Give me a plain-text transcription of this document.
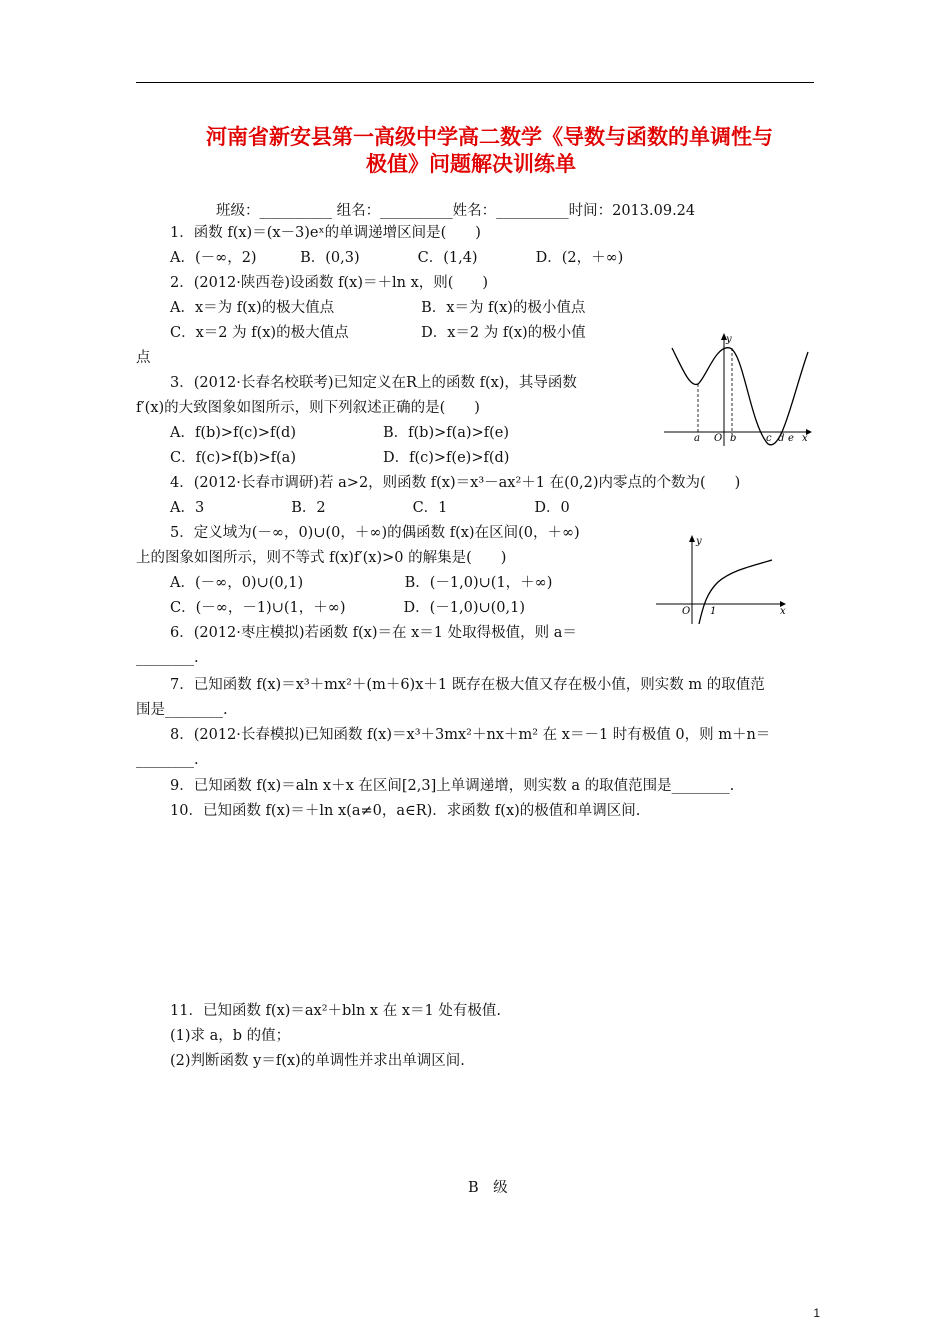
河南省新安县第一高级中学高二数学《导数与函数的单调性与
极值》问题解决训练单
班级：__________ 组名：__________姓名：__________时间：2013.09.24
1．函数 f(x)＝(x－3)eˣ的单调递增区间是(　　)
A．(－∞，2)　　　B．(0,3)　　　　C．(1,4)　　　　D．(2，＋∞)
2．(2012·陕西卷)设函数 f(x)＝＋ln x，则(　　)
A．x＝为 f(x)的极大值点　　　　　　B．x＝为 f(x)的极小值点
C．x＝2 为 f(x)的极大值点　　　　　D．x＝2 为 f(x)的极小值
点
3．(2012·长春名校联考)已知定义在R上的函数 f(x)，其导函数
f′(x)的大致图象如图所示，则下列叙述正确的是(　　)
A．f(b)>f(c)>f(d)　　　　　　B．f(b)>f(a)>f(e)
C．f(c)>f(b)>f(a)　　　　　　D．f(c)>f(e)>f(d)
4．(2012·长春市调研)若 a>2，则函数 f(x)＝x³－ax²＋1 在(0,2)内零点的个数为(　　)
A．3　　　　　　B．2　　　　　　C．1　　　　　　D．0
5．定义域为(－∞，0)∪(0，＋∞)的偶函数 f(x)在区间(0，＋∞)
上的图象如图所示，则不等式 f(x)f′(x)>0 的解集是(　　)
A．(－∞，0)∪(0,1)　　　　　　　B．(－1,0)∪(1，＋∞)
C．(－∞，－1)∪(1，＋∞)　　　　D．(－1,0)∪(0,1)
6．(2012·枣庄模拟)若函数 f(x)＝在 x＝1 处取得极值，则 a＝
________.
7．已知函数 f(x)＝x³＋mx²＋(m＋6)x＋1 既存在极大值又存在极小值，则实数 m 的取值范
围是________.
8．(2012·长春模拟)已知函数 f(x)＝x³＋3mx²＋nx＋m² 在 x＝－1 时有极值 0，则 m＋n＝
________.
9．已知函数 f(x)＝aln x＋x 在区间[2,3]上单调递增，则实数 a 的取值范围是________.
10．已知函数 f(x)＝＋ln x(a≠0，a∈R)．求函数 f(x)的极值和单调区间.
11．已知函数 f(x)＝ax²＋bln x 在 x＝1 处有极值.
(1)求 a，b 的值；
(2)判断函数 y＝f(x)的单调性并求出单调区间.
B　级
y
a O b	c d e x
y
O 1	x
1
